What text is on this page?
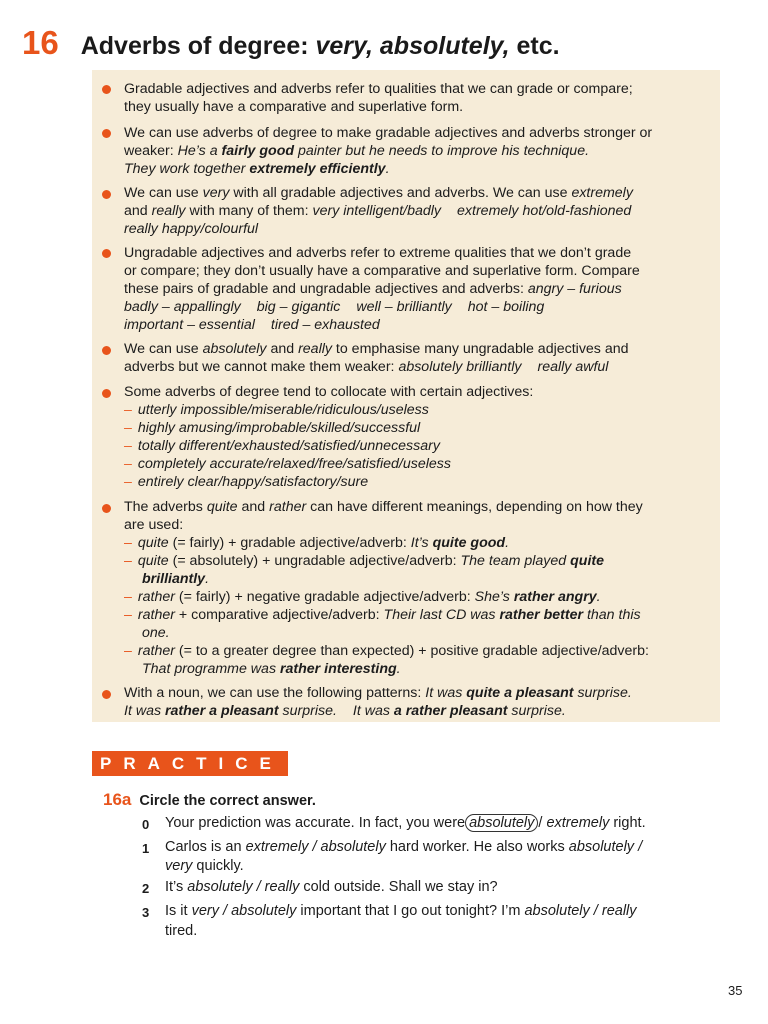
16 Adverbs of degree: very, absolutely, etc.
Gradable adjectives and adverbs refer to qualities that we can grade or compare;
they usually have a comparative and superlative form.
We can use adverbs of degree to make gradable adjectives and adverbs stronger or
weaker: He’s a fairly good painter but he needs to improve his technique.
They work together extremely efficiently.
We can use very with all gradable adjectives and adverbs. We can use extremely
and really with many of them: very intelligent/badly extremely hot/old-fashioned
really happy/colourful
Ungradable adjectives and adverbs refer to extreme qualities that we don’t grade
or compare; they don’t usually have a comparative and superlative form. Compare
these pairs of gradable and ungradable adjectives and adverbs: angry – furious
badly – appallingly big – gigantic well – brilliantly hot – boiling
important – essential tired – exhausted
We can use absolutely and really to emphasise many ungradable adjectives and
adverbs but we cannot make them weaker: absolutely brilliantly really awful
Some adverbs of degree tend to collocate with certain adjectives:
– utterly impossible/miserable/ridiculous/useless
– highly amusing/improbable/skilled/successful
– totally different/exhausted/satisfied/unnecessary
– completely accurate/relaxed/free/satisfied/useless
– entirely clear/happy/satisfactory/sure
The adverbs quite and rather can have different meanings, depending on how they
are used:
– quite (= fairly) + gradable adjective/adverb: It’s quite good.
– quite (= absolutely) + ungradable adjective/adverb: The team played quite
brilliantly.
– rather (= fairly) + negative gradable adjective/adverb: She’s rather angry.
– rather + comparative adjective/adverb: Their last CD was rather better than this
one.
– rather (= to a greater degree than expected) + positive gradable adjective/adverb:
That programme was rather interesting.
With a noun, we can use the following patterns: It was quite a pleasant surprise.
It was rather a pleasant surprise. It was a rather pleasant surprise.
PRACTICE
16a Circle the correct answer.
0 Your prediction was accurate. In fact, you were absolutely / extremely right.
1 Carlos is an extremely / absolutely hard worker. He also works absolutely /
very quickly.
2 It’s absolutely / really cold outside. Shall we stay in?
3 Is it very / absolutely important that I go out tonight? I’m absolutely / really
tired.
35
